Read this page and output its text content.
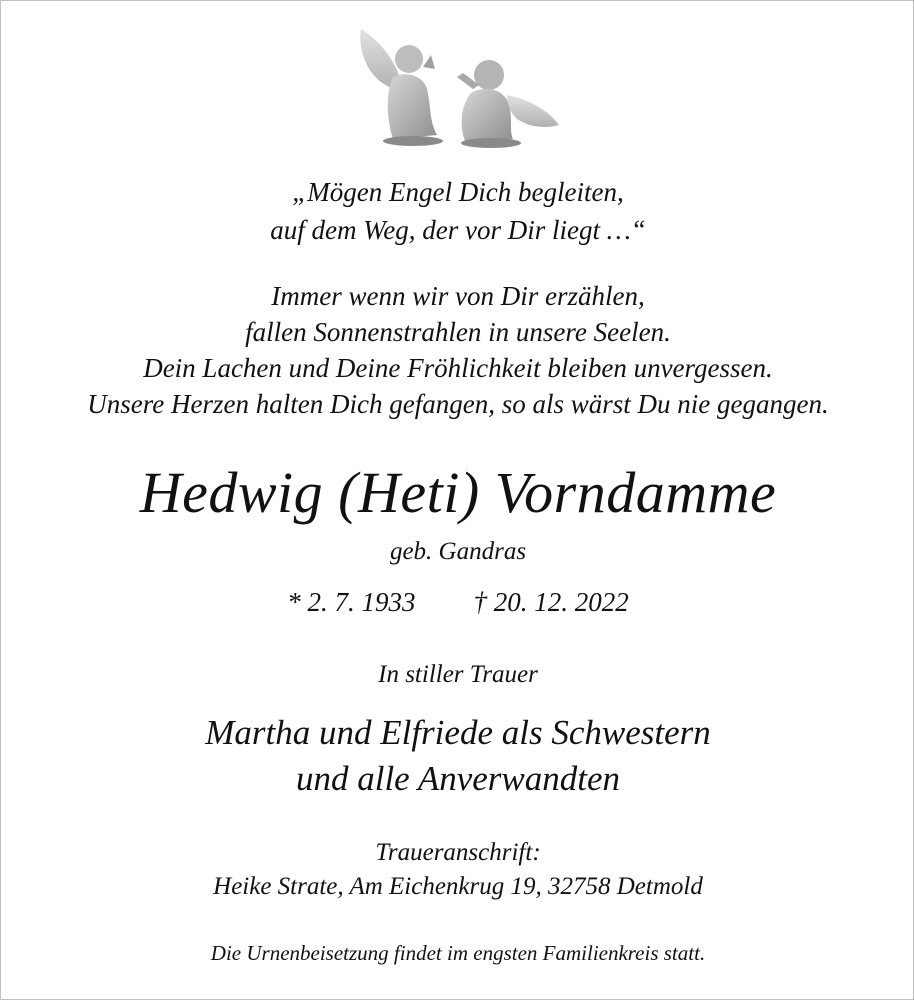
„Mögen Engel Dich begleiten,
auf dem Weg, der vor Dir liegt …“
Immer wenn wir von Dir erzählen,
fallen Sonnenstrahlen in unsere Seelen.
Dein Lachen und Deine Fröhlichkeit bleiben unvergessen.
Unsere Herzen halten Dich gefangen, so als wärst Du nie gegangen.
Hedwig (Heti) Vorndamme
geb. Gandras
* 2. 7. 1933 † 20. 12. 2022
In stiller Trauer
Martha und Elfriede als Schwestern
und alle Anverwandten
Traueranschrift:
Heike Strate, Am Eichenkrug 19, 32758 Detmold
Die Urnenbeisetzung findet im engsten Familienkreis statt.
